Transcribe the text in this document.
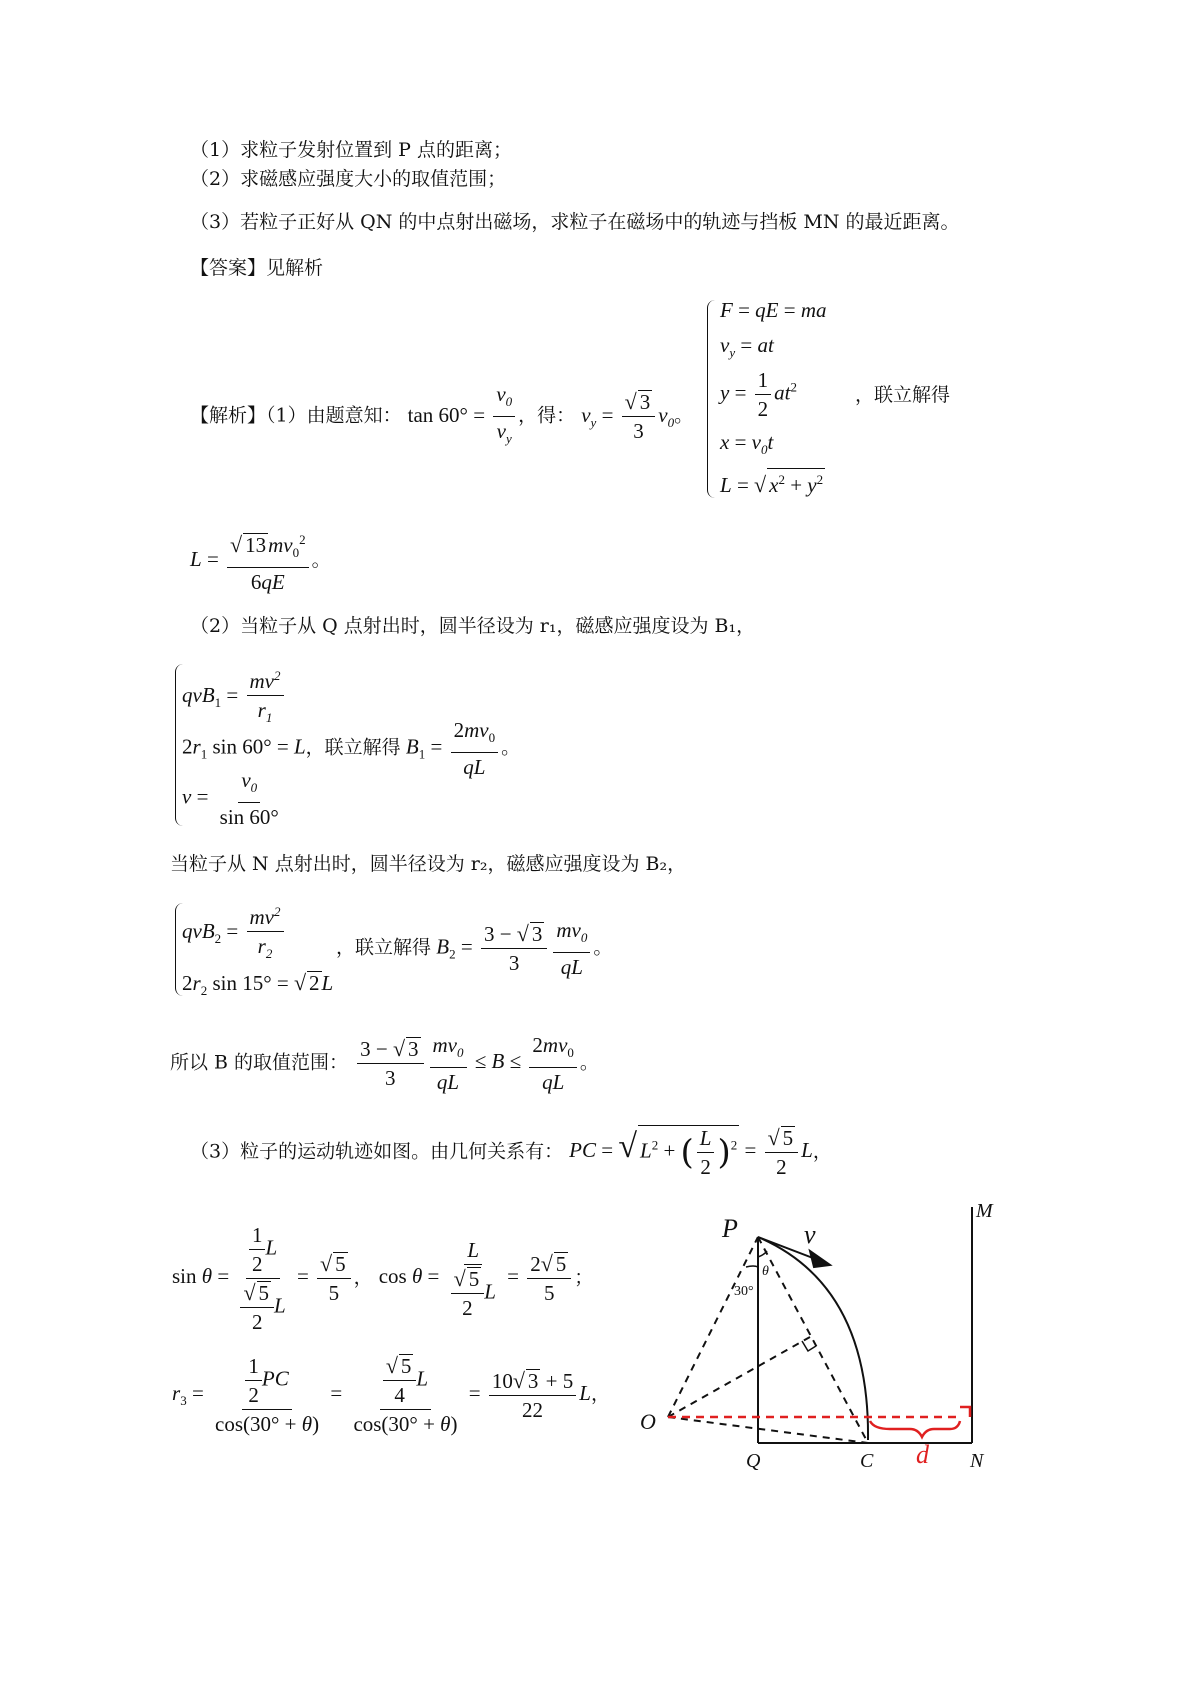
（1）求粒子发射位置到 P 点的距离；
（2）求磁感应强度大小的取值范围；
（3）若粒子正好从 QN 的中点射出磁场，求粒子在磁场中的轨迹与挡板 MN 的最近距离。
【答案】见解析
【解析】（1）由题意知： $\tan 60^\circ = \frac{v_0}{v_y}$ ，得： $v_y = \frac{√ 3}{3} v_0$。
F = qE = ma
$v_y$ = at
$y = \frac{1}{2} at^2$
$x = v_0t$
L = √ $x^2 + y^2$
，联立解得
$L = \frac{√ 13mv_0^2}{6qE}$ 。
（2）当粒子从 Q 点射出时，圆半径设为 r₁，磁感应强度设为 B₁，
$qvB_1 = \frac{mv^2}{r_1}$
$2r_1$ sin 60° = L，联立解得 $B_1 = \frac{2mv_0}{qL}$ 。
$v = \frac{v_0}{\sin 60^\circ}$
当粒子从 N 点射出时，圆半径设为 r₂，磁感应强度设为 B₂，
$qvB_2 = \frac{mv^2}{r_2}$
$2r_2$ sin 15° = √ 2L
，联立解得 $B_2 = \frac{3 - √ 3}{3} \frac{mv_0}{qL}$ 。
所以 B 的取值范围： $\frac{3 - √ 3}{3} \frac{mv_0}{qL} \le B \le \frac{2mv_0}{qL}$ 。
（3）粒子的运动轨迹如图。由几何关系有： PC = √ $L^2$ + ( $\frac{L}{2} )^2 = \frac{√ 5}{2}$ L，
$\sin \theta = \frac{\frac{1}{2} L}{\frac{√ 5}{2} L} = \frac{√ 5}{5}$ ， $\cos \theta = \frac{L}{\frac{√ 5}{2} L} = \frac{2√ 5}{5}$ ；
$r_3 = \frac{\frac{1}{2} PC}{\cos(30^\circ + \theta)} = \frac{\frac{√ 5}{4} L}{\cos(30^\circ + \theta)} = \frac{10√ 3 + 5}{22}$ L，
P	v
θ
30°
O
Q	C	N
M
d
